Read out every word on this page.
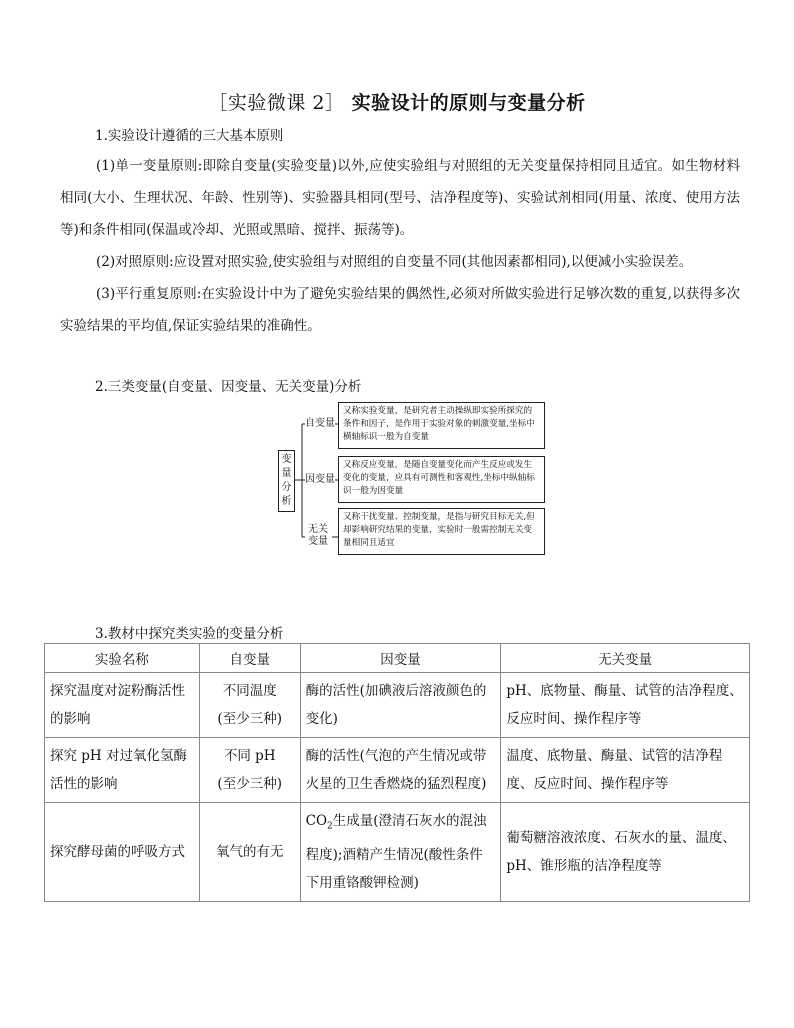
［实验微课 2］ 实验设计的原则与变量分析
1.实验设计遵循的三大基本原则

(1)单一变量原则:即除自变量(实验变量)以外,应使实验组与对照组的无关变量保持相同且适宜。如生物材料相同(大小、生理状况、年龄、性别等)、实验器具相同(型号、洁净程度等)、实验试剂相同(用量、浓度、使用方法等)和条件相同(保温或冷却、光照或黑暗、搅拌、振荡等)。

(2)对照原则:应设置对照实验,使实验组与对照组的自变量不同(其他因素都相同),以便减小实验误差。

(3)平行重复原则:在实验设计中为了避免实验结果的偶然性,必须对所做实验进行足够次数的重复,以获得多次实验结果的平均值,保证实验结果的准确性。

2.三类变量(自变量、因变量、无关变量)分析
变量分析
自变量
因变量
无关变量
又称实验变量，是研究者主动操纵即实验所探究的条件和因子，是作用于实验对象的刺激变量,坐标中横轴标识一般为自变量
又称反应变量，是随自变量变化而产生反应或发生变化的变量，应具有可测性和客观性,坐标中纵轴标识一般为因变量
又称干扰变量、控制变量，是指与研究目标无关,但却影响研究结果的变量，实验时一般需控制无关变量相同且适宜
3.教材中探究类实验的变量分析
实验名称	自变量	因变量	无关变量
探究温度对淀粉酶活性的影响	不同温度
(至少三种)	酶的活性(加碘液后溶液颜色的变化)	pH、底物量、酶量、试管的洁净程度、反应时间、操作程序等
探究 pH 对过氧化氢酶活性的影响	不同 pH
(至少三种)	酶的活性(气泡的产生情况或带火星的卫生香燃烧的猛烈程度)	温度、底物量、酶量、试管的洁净程度、反应时间、操作程序等
探究酵母菌的呼吸方式	氧气的有无	$CO_2$生成量(澄清石灰水的混浊程度);酒精产生情况(酸性条件下用重铬酸钾检测)	葡萄糖溶液浓度、石灰水的量、温度、pH、锥形瓶的洁净程度等
